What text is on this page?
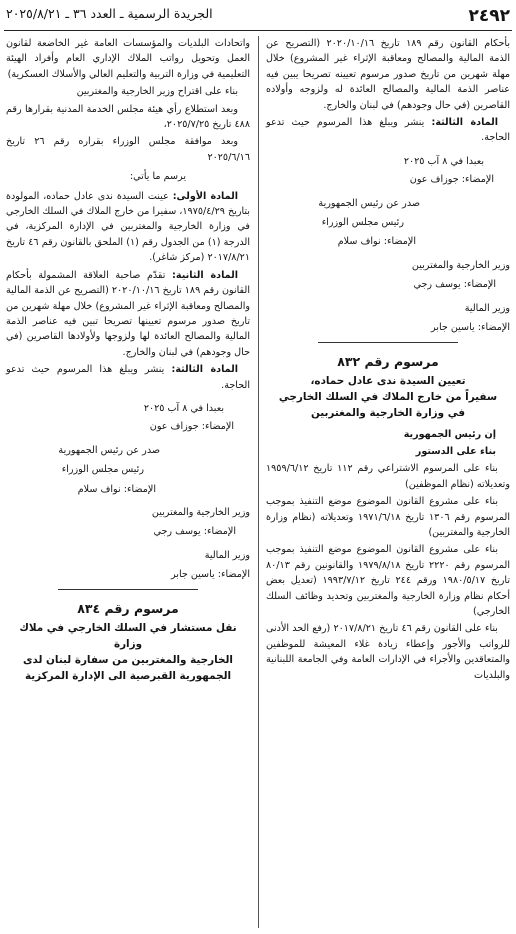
٢٤٩٢
الجريدة الرسمية ـ العدد ٣٦ ـ ٢٠٢٥/٨/٢١

بأحكام القانون رقم ١٨٩ تاريخ ٢٠٢٠/١٠/١٦ (التصريح عن الذمة المالية والمصالح ومعاقبة الإثراء غير المشروع) خلال مهلة شهرين من تاريخ صدور مرسوم تعيينه تصريحا يبين فيه عناصر الذمة المالية والمصالح العائدة له ولزوجه وأولاده القاصرين (في حال وجودهم) في لبنان والخارج.

المادة الثالثة: ينشر ويبلغ هذا المرسوم حيث تدعو الحاجة.

بعبدا في ٨ آب ٢٠٢٥
الإمضاء: جوزاف عون
صدر عن رئيس الجمهورية
رئيس مجلس الوزراء
الإمضاء: نواف سلام
وزير الخارجية والمغتربين
الإمضاء: يوسف رجي
وزير المالية
الإمضاء: ياسين جابر
مرسوم رقم ٨٣٢
تعيين السيدة ندى عادل حماده،
سفيراً من خارج الملاك في السلك الخارجي
في وزارة الخارجية والمغتربين

إن رئيس الجمهورية

بناء على الدستور

بناء على المرسوم الاشتراعي رقم ١١٢ تاريخ ١٩٥٩/٦/١٢ وتعديلاته (نظام الموظفين)

بناء على مشروع القانون الموضوع موضع التنفيذ بموجب المرسوم رقم ١٣٠٦ تاريخ ١٩٧١/٦/١٨ وتعديلاته (نظام وزارة الخارجية والمغتربين)

بناء على مشروع القانون الموضوع موضع التنفيذ بموجب المرسوم رقم ٢٢٢٠ تاريخ ١٩٧٩/٨/١٨ والقانونين رقم ٨٠/١٣ تاريخ ١٩٨٠/٥/١٧ ورقم ٢٤٤ تاريخ ١٩٩٣/٧/١٢ (تعديل بعض أحكام نظام وزارة الخارجية والمغتربين وتحديد وظائف السلك الخارجي)

بناء على القانون رقم ٤٦ تاريخ ٢٠١٧/٨/٢١ (رفع الحد الأدنى للرواتب والأجور وإعطاء زيادة غلاء المعيشة للموظفين والمتعاقدين والأجراء في الإدارات العامة وفي الجامعة اللبنانية والبلديات

واتحادات البلديات والمؤسسات العامة غير الخاضعة لقانون العمل وتحويل رواتب الملاك الإداري العام وأفراد الهيئة التعليمية في وزارة التربية والتعليم العالي والأسلاك العسكرية)

بناء على اقتراح وزير الخارجية والمغتربين

وبعد استطلاع رأي هيئة مجلس الخدمة المدنية بقرارها رقم ٤٨٨ تاريخ ٢٠٢٥/٧/٢٥،

وبعد موافقة مجلس الوزراء بقراره رقم ٢٦ تاريخ ٢٠٢٥/٦/١٦

يرسم ما يأتي:

المادة الأولى: عينت السيدة ندى عادل حماده، المولودة بتاريخ ١٩٧٥/٤/٢٩، سفيرا من خارج الملاك في السلك الخارجي في وزارة الخارجية والمغتربين في الإدارة المركزية، في الدرجة (١) من الجدول رقم (١) الملحق بالقانون رقم ٤٦ تاريخ ٢٠١٧/٨/٢١ (مركز شاغر).

المادة الثانية: تقدّم صاحبة العلاقة المشمولة بأحكام القانون رقم ١٨٩ تاريخ ٢٠٢٠/١٠/١٦ (التصريح عن الذمة المالية والمصالح ومعاقبة الإثراء غير المشروع) خلال مهلة شهرين من تاريخ صدور مرسوم تعيينها تصريحا تبين فيه عناصر الذمة المالية والمصالح العائدة لها ولزوجها ولأولادها القاصرين (في حال وجودهم) في لبنان والخارج.

المادة الثالثة: ينشر ويبلغ هذا المرسوم حيث تدعو الحاجة.

بعبدا في ٨ آب ٢٠٢٥
الإمضاء: جوزاف عون
صدر عن رئيس الجمهورية
رئيس مجلس الوزراء
الإمضاء: نواف سلام
وزير الخارجية والمغتربين
الإمضاء: يوسف رجي
وزير المالية
الإمضاء: ياسين جابر
مرسوم رقم ٨٣٤
نقل مستشار في السلك الخارجي في ملاك وزارة
الخارجية والمغتربين من سفارة لبنان لدى
الجمهورية القبرصية الى الإدارة المركزية
